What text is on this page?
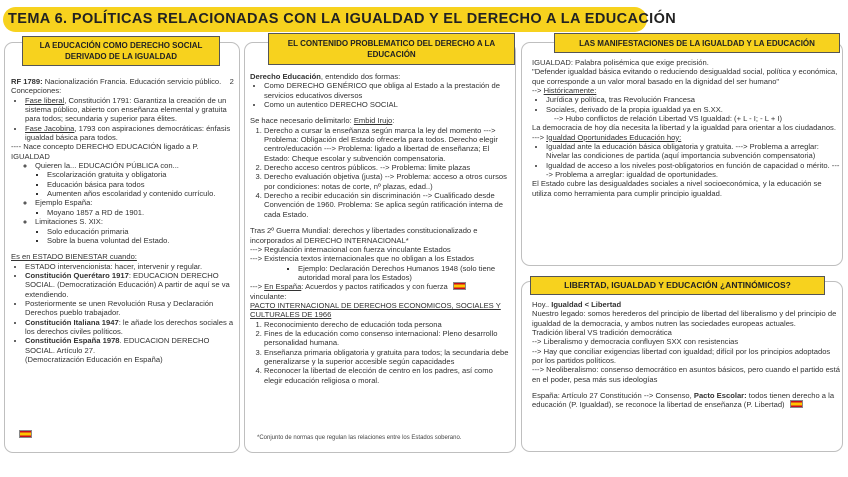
TEMA 6. POLÍTICAS RELACIONADAS CON LA IGUALDAD Y EL DERECHO A LA EDUCACIÓN
LA EDUCACIÓN COMO DERECHO SOCIAL DERIVADO DE LA IGUALDAD

RF 1789: Nacionalización Francia. Educación servicio público. 2 Concepciones:

• Fase liberal, Constitución 1791: Garantiza la creación de un sistema público, abierto con enseñanza elemental y gratuita para todos; secundaria y superior para élites.
• Fase Jacobina, 1793 con aspiraciones democráticas: énfasis igualdad básica para todos.

---- Nace concepto DERECHO EDUCACIÓN ligado a P. IGUALDAD

◦ Quieren la... EDUCACIÓN PÚBLICA con...
▪ Escolarización gratuita y obligatoria
▪ Educación básica para todos
▪ Aumenten años escolaridad y contenido currículo.
◦ Ejemplo España:
▪ Moyano 1857 a RD de 1901.
◦ Limitaciones S. XIX:
▪ Solo educación primaria
▪ Sobre la buena voluntad del Estado.

Es en ESTADO BIENESTAR cuando:

• ESTADO intervencionista: hacer, intervenir y regular.
• Constitución Querétaro 1917: EDUCACION DERECHO SOCIAL. (Democratización Educación) A partir de aquí se va extendiendo.
• Posteriormente se unen Revolución Rusa y Declaración Derechos pueblo trabajador.
• Constitución Italiana 1947: le añade los derechos sociales a los derechos civiles políticos.
• Constitución España 1978. EDUCACION DERECHO SOCIAL. Artículo 27.

(Democratización Educación en España)

EL CONTENIDO PROBLEMATICO DEL DERECHO A LA EDUCACIÓN

Derecho Educación, entendido dos formas:

• Como DERECHO GENÉRICO que obliga al Estado a la prestación de servicios educativos diversos
• Como un autentico DERECHO SOCIAL

Se hace necesario delimitarlo: Embid Irujo:

1. Derecho a cursar la enseñanza según marca la ley del momento ---> Problema: Obligación del Estado ofrecerla para todos. Derecho elegir centro/educación ---> Problema: ligado a libertad de enseñanza; El Estado: Cheque escolar y subvención compensatoria.
2. Derecho acceso centros públicos. --> Problema: limite plazas
3. Derecho evaluación objetiva (justa) --> Problema: acceso a otros cursos por condiciones: notas de corte, nº plazas, edad..)
4. Derecho a recibir educación sin discriminación --> Cualificado desde Convención de 1960. Problema: Se aplica según ratificación interna de cada Estado.

Tras 2º Guerra Mundial: derechos y libertades constitucionalizado e incorporados al DERECHO INTERNACIONAL*

---> Regulación internacional con fuerza vinculante Estados

---> Existencia textos internacionales que no obligan a los Estados

▪ Ejemplo: Declaración Derechos Humanos 1948 (solo tiene autoridad moral para los Estados)

---> En España: Acuerdos y pactos ratificados y con fuerza

vinculante:

PACTO INTERNACIONAL DE DERECHOS ECONOMICOS, SOCIALES Y CULTURALES DE 1966

1. Reconocimiento derecho de educación toda persona
2. Fines de la educación como consenso internacional: Pleno desarrollo personalidad humana.
3. Enseñanza primaria obligatoria y gratuita para todos; la secundaria debe generalizarse y la superior accesible según capacidades
4. Reconocer la libertad de elección de centro en los padres, así como elegir educación religiosa o moral.
*Conjunto de normas que regulan las relaciones entre los Estados soberano.
LAS MANIFESTACIONES DE LA IGUALDAD Y LA EDUCACIÓN

IGUALDAD: Palabra polisémica que exige precisión.

"Defender igualdad básica evitando o reduciendo desigualdad social, política y económica, que corresponde a un valor moral basado en la dignidad del ser humano"

--> Históricamente:

• Jurídica y política, tras Revolución Francesa
• Sociales, derivado de la propia igualdad ya en S.XX.

--> Hubo conflictos de relación Libertad VS Igualdad: (+ L - I; - L + I)

La democracia de hoy día necesita la libertad y la igualdad para orientar a los ciudadanos.

---> Igualdad Oportunidades Educación hoy:

• Igualdad ante la educación básica obligatoria y gratuita. ---> Problema a arreglar: Nivelar las condiciones de partida (aquí importancia subvención compensatoria)
• Igualdad de acceso a los niveles post-obligatorios en función de capacidad o mérito. ----> Problema a arreglar: igualdad de oportunidades.

El Estado cubre las desigualdades sociales a nivel socioeconómica, y la educación se utiliza como herramienta para cumplir principio igualdad.

LIBERTAD, IGUALDAD Y EDUCACIÓN ¿ANTINÓMICOS?

Hoy.. Igualdad < Libertad

Nuestro legado: somos herederos del principio de libertad del liberalismo y del principio de igualdad de la democracia, y ambos nutren las sociedades europeas actuales.

Tradición liberal VS tradición democrática

--> Liberalismo y democracia confluyen SXX con resistencias

--> Hay que conciliar exigencias libertad con igualdad; difícil por los principios adoptados por los partidos políticos.

---> Neoliberalismo: consenso democrático en asuntos básicos, pero cuando el partido está en el poder, pesa más sus ideologías

España: Artículo 27 Constitución --> Consenso, Pacto Escolar: todos tienen derecho a la educación (P. Igualdad), se reconoce la libertad de enseñanza (P. Libertad)
